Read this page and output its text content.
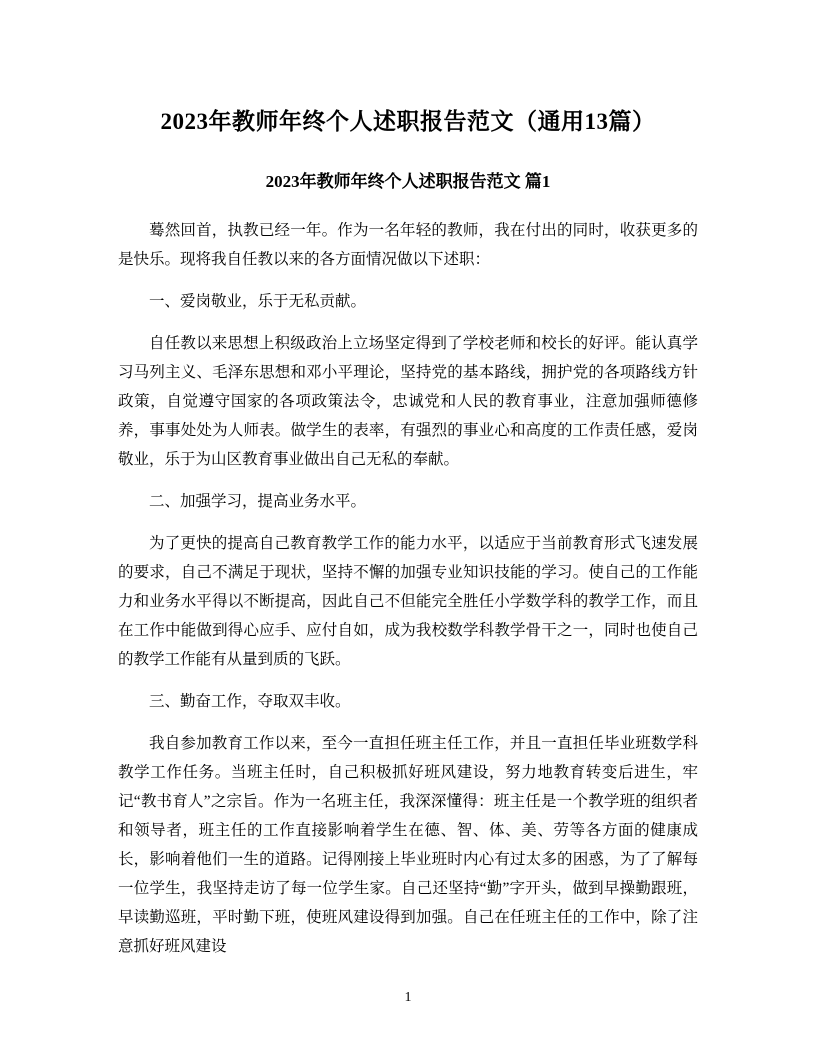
2023年教师年终个人述职报告范文（通用13篇）
2023年教师年终个人述职报告范文 篇1

蓦然回首，执教已经一年。作为一名年轻的教师，我在付出的同时，收获更多的是快乐。现将我自任教以来的各方面情况做以下述职：

一、爱岗敬业，乐于无私贡献。

自任教以来思想上积级政治上立场坚定得到了学校老师和校长的好评。能认真学习马列主义、毛泽东思想和邓小平理论，坚持党的基本路线，拥护党的各项路线方针政策，自觉遵守国家的各项政策法令，忠诚党和人民的教育事业，注意加强师德修养，事事处处为人师表。做学生的表率，有强烈的事业心和高度的工作责任感，爱岗敬业，乐于为山区教育事业做出自己无私的奉献。

二、加强学习，提高业务水平。

为了更快的提高自己教育教学工作的能力水平，以适应于当前教育形式飞速发展的要求，自己不满足于现状，坚持不懈的加强专业知识技能的学习。使自己的工作能力和业务水平得以不断提高，因此自己不但能完全胜任小学数学科的教学工作，而且在工作中能做到得心应手、应付自如，成为我校数学科教学骨干之一，同时也使自己的教学工作能有从量到质的飞跃。

三、勤奋工作，夺取双丰收。

我自参加教育工作以来，至今一直担任班主任工作，并且一直担任毕业班数学科教学工作任务。当班主任时，自己积极抓好班风建设，努力地教育转变后进生，牢记“教书育人”之宗旨。作为一名班主任，我深深懂得：班主任是一个教学班的组织者和领导者，班主任的工作直接影响着学生在德、智、体、美、劳等各方面的健康成长，影响着他们一生的道路。记得刚接上毕业班时内心有过太多的困惑，为了了解每一位学生，我坚持走访了每一位学生家。自己还坚持“勤”字开头，做到早操勤跟班，早读勤巡班，平时勤下班，使班风建设得到加强。自己在任班主任的工作中，除了注意抓好班风建设

1
